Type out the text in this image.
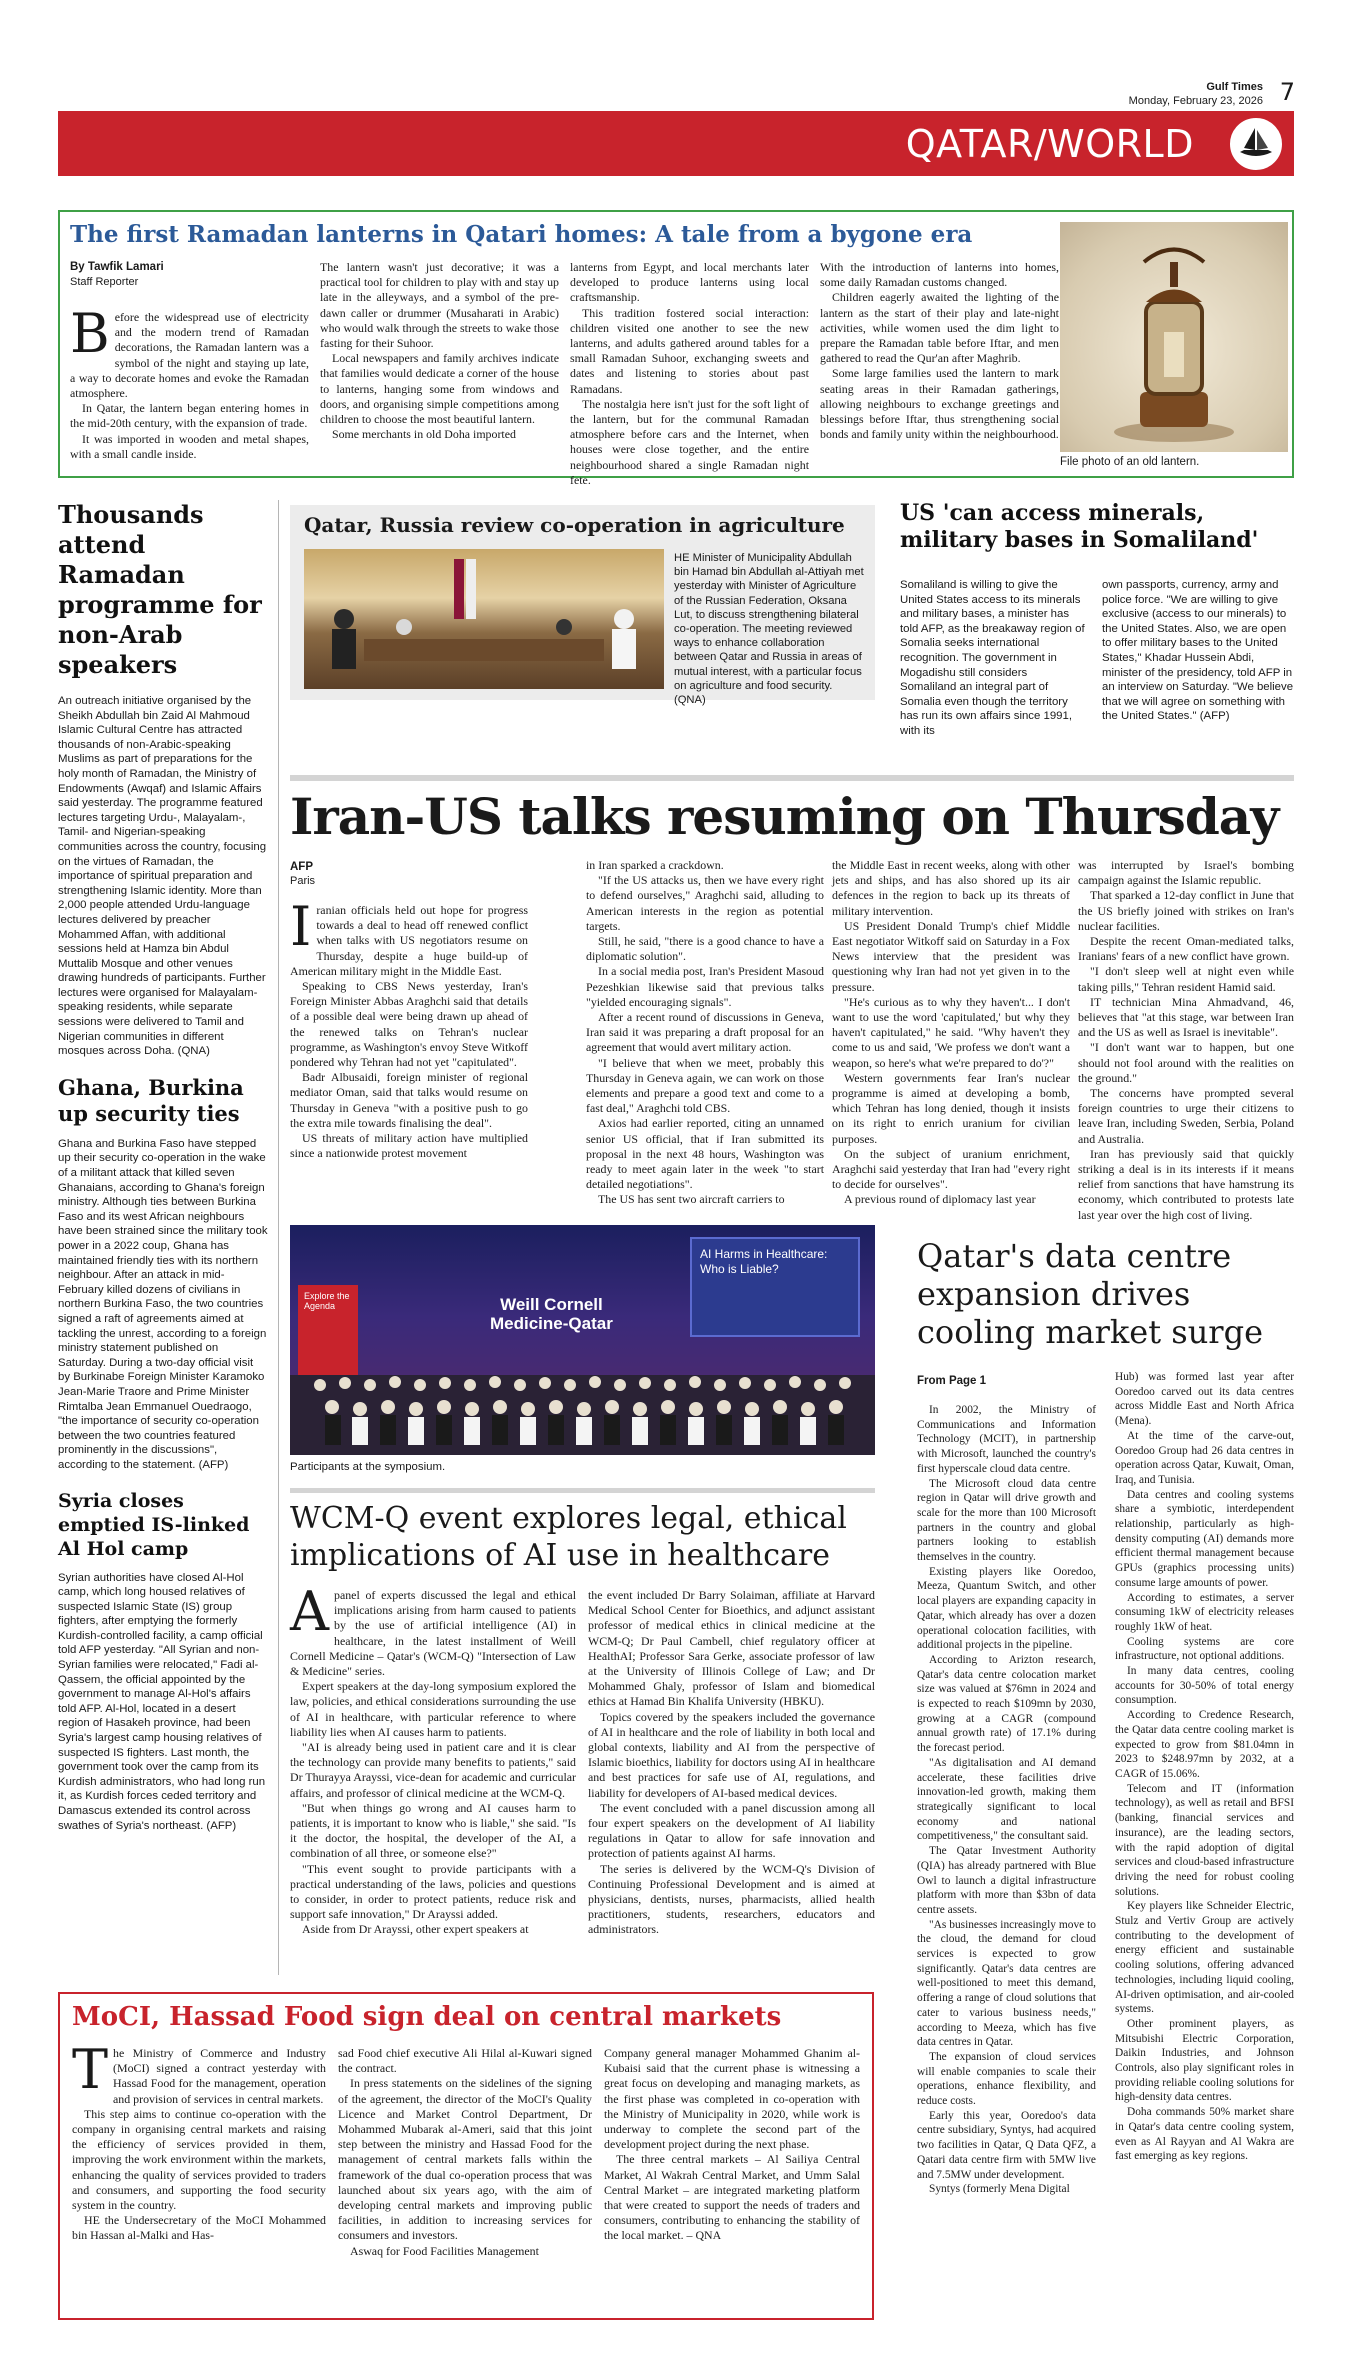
Gulf Times
Monday, February 23, 2026 7
QATAR/WORLD
The first Ramadan lanterns in Qatari homes: A tale from a bygone era
By Tawfik Lamari
Staff Reporter

Before the widespread use of electricity and the modern trend of Ramadan decorations, the Ramadan lantern was a symbol of the night and staying up late, a way to decorate homes and evoke the Ramadan atmosphere.

In Qatar, the lantern began entering homes in the mid-20th century, with the expansion of trade.

It was imported in wooden and metal shapes, with a small candle inside.

The lantern wasn't just decorative; it was a practical tool for children to play with and stay up late in the alleyways, and a symbol of the pre-dawn caller or drummer (Musaharati in Arabic) who would walk through the streets to wake those fasting for their Suhoor.

Local newspapers and family archives indicate that families would dedicate a corner of the house to lanterns, hanging some from windows and doors, and organising simple competitions among children to choose the most beautiful lantern.

Some merchants in old Doha imported

lanterns from Egypt, and local merchants later developed to produce lanterns using local craftsmanship.

This tradition fostered social interaction: children visited one another to see the new lanterns, and adults gathered around tables for a small Ramadan Suhoor, exchanging sweets and dates and listening to stories about past Ramadans.

The nostalgia here isn't just for the soft light of the lantern, but for the communal Ramadan atmosphere before cars and the Internet, when houses were close together, and the entire neighbourhood shared a single Ramadan night fete.

With the introduction of lanterns into homes, some daily Ramadan customs changed.

Children eagerly awaited the lighting of the lantern as the start of their play and late-night activities, while women used the dim light to prepare the Ramadan table before Iftar, and men gathered to read the Qur'an after Maghrib.

Some large families used the lantern to mark seating areas in their Ramadan gatherings, allowing neighbours to exchange greetings and blessings before Iftar, thus strengthening social bonds and family unity within the neighbourhood.

File photo of an old lantern.
Thousands attend Ramadan programme for non-Arab speakers
An outreach initiative organised by the Sheikh Abdullah bin Zaid Al Mahmoud Islamic Cultural Centre has attracted thousands of non-Arabic-speaking Muslims as part of preparations for the holy month of Ramadan, the Ministry of Endowments (Awqaf) and Islamic Affairs said yesterday. The programme featured lectures targeting Urdu-, Malayalam-, Tamil- and Nigerian-speaking communities across the country, focusing on the virtues of Ramadan, the importance of spiritual preparation and strengthening Islamic identity. More than 2,000 people attended Urdu-language lectures delivered by preacher Mohammed Affan, with additional sessions held at Hamza bin Abdul Muttalib Mosque and other venues drawing hundreds of participants. Further lectures were organised for Malayalam-speaking residents, while separate sessions were delivered to Tamil and Nigerian communities in different mosques across Doha. (QNA)
Ghana, Burkina up security ties
Ghana and Burkina Faso have stepped up their security co-operation in the wake of a militant attack that killed seven Ghanaians, according to Ghana's foreign ministry. Although ties between Burkina Faso and its west African neighbours have been strained since the military took power in a 2022 coup, Ghana has maintained friendly ties with its northern neighbour. After an attack in mid-February killed dozens of civilians in northern Burkina Faso, the two countries signed a raft of agreements aimed at tackling the unrest, according to a foreign ministry statement published on Saturday. During a two-day official visit by Burkinabe Foreign Minister Karamoko Jean-Marie Traore and Prime Minister Rimtalba Jean Emmanuel Ouedraogo, "the importance of security co-operation between the two countries featured prominently in the discussions", according to the statement. (AFP)
Syria closes emptied IS-linked Al Hol camp
Syrian authorities have closed Al-Hol camp, which long housed relatives of suspected Islamic State (IS) group fighters, after emptying the formerly Kurdish-controlled facility, a camp official told AFP yesterday. "All Syrian and non-Syrian families were relocated," Fadi al-Qassem, the official appointed by the government to manage Al-Hol's affairs told AFP. Al-Hol, located in a desert region of Hasakeh province, had been Syria's largest camp housing relatives of suspected IS fighters. Last month, the government took over the camp from its Kurdish administrators, who had long run it, as Kurdish forces ceded territory and Damascus extended its control across swathes of Syria's northeast. (AFP)
Qatar, Russia review co-operation in agriculture
HE Minister of Municipality Abdullah bin Hamad bin Abdullah al-Attiyah met yesterday with Minister of Agriculture of the Russian Federation, Oksana Lut, to discuss strengthening bilateral co-operation. The meeting reviewed ways to enhance collaboration between Qatar and Russia in areas of mutual interest, with a particular focus on agriculture and food security. (QNA)
US 'can access minerals, military bases in Somaliland'
Somaliland is willing to give the United States access to its minerals and military bases, a minister has told AFP, as the breakaway region of Somalia seeks international recognition. The government in Mogadishu still considers Somaliland an integral part of Somalia even though the territory has run its own affairs since 1991, with its
own passports, currency, army and police force. "We are willing to give exclusive (access to our minerals) to the United States. Also, we are open to offer military bases to the United States," Khadar Hussein Abdi, minister of the presidency, told AFP in an interview on Saturday. "We believe that we will agree on something with the United States." (AFP)
Iran-US talks resuming on Thursday
AFP
Paris

Iranian officials held out hope for progress towards a deal to head off renewed conflict when talks with US negotiators resume on Thursday, despite a huge build-up of American military might in the Middle East.

Speaking to CBS News yesterday, Iran's Foreign Minister Abbas Araghchi said that details of a possible deal were being drawn up ahead of the renewed talks on Tehran's nuclear programme, as Washington's envoy Steve Witkoff pondered why Tehran had not yet "capitulated".

Badr Albusaidi, foreign minister of regional mediator Oman, said that talks would resume on Thursday in Geneva "with a positive push to go the extra mile towards finalising the deal".

US threats of military action have multiplied since a nationwide protest movement

in Iran sparked a crackdown.

"If the US attacks us, then we have every right to defend ourselves," Araghchi said, alluding to American interests in the region as potential targets.

Still, he said, "there is a good chance to have a diplomatic solution".

In a social media post, Iran's President Masoud Pezeshkian likewise said that previous talks "yielded encouraging signals".

After a recent round of discussions in Geneva, Iran said it was preparing a draft proposal for an agreement that would avert military action.

"I believe that when we meet, probably this Thursday in Geneva again, we can work on those elements and prepare a good text and come to a fast deal," Araghchi told CBS.

Axios had earlier reported, citing an unnamed senior US official, that if Iran submitted its proposal in the next 48 hours, Washington was ready to meet again later in the week "to start detailed negotiations".

The US has sent two aircraft carriers to

the Middle East in recent weeks, along with other jets and ships, and has also shored up its air defences in the region to back up its threats of military intervention.

US President Donald Trump's chief Middle East negotiator Witkoff said on Saturday in a Fox News interview that the president was questioning why Iran had not yet given in to the pressure.

"He's curious as to why they haven't... I don't want to use the word 'capitulated,' but why they haven't capitulated," he said. "Why haven't they come to us and said, 'We profess we don't want a weapon, so here's what we're prepared to do'?"

Western governments fear Iran's nuclear programme is aimed at developing a bomb, which Tehran has long denied, though it insists on its right to enrich uranium for civilian purposes.

On the subject of uranium enrichment, Araghchi said yesterday that Iran had "every right to decide for ourselves".

A previous round of diplomacy last year

was interrupted by Israel's bombing campaign against the Islamic republic.

That sparked a 12-day conflict in June that the US briefly joined with strikes on Iran's nuclear facilities.

Despite the recent Oman-mediated talks, Iranians' fears of a new conflict have grown.

"I don't sleep well at night even while taking pills," Tehran resident Hamid said.

IT technician Mina Ahmadvand, 46, believes that "at this stage, war between Iran and the US as well as Israel is inevitable".

"I don't want war to happen, but one should not fool around with the realities on the ground."

The concerns have prompted several foreign countries to urge their citizens to leave Iran, including Sweden, Serbia, Poland and Australia.

Iran has previously said that quickly striking a deal is in its interests if it means relief from sanctions that have hamstrung its economy, which contributed to protests late last year over the high cost of living.

AI Harms in Healthcare: Who is Liable?
Explore the Agenda	Weill Cornell
Medicine-Qatar
Participants at the symposium.
WCM-Q event explores legal, ethical implications of AI use in healthcare

Apanel of experts discussed the legal and ethical implications arising from harm caused to patients by the use of artificial intelligence (AI) in healthcare, in the latest installment of Weill Cornell Medicine – Qatar's (WCM-Q) "Intersection of Law & Medicine" series.

Expert speakers at the day-long symposium explored the law, policies, and ethical considerations surrounding the use of AI in healthcare, with particular reference to where liability lies when AI causes harm to patients.

"AI is already being used in patient care and it is clear the technology can provide many benefits to patients," said Dr Thurayya Arayssi, vice-dean for academic and curricular affairs, and professor of clinical medicine at the WCM-Q.

"But when things go wrong and AI causes harm to patients, it is important to know who is liable," she said. "Is it the doctor, the hospital, the developer of the AI, a combination of all three, or someone else?"

"This event sought to provide participants with a practical understanding of the laws, policies and questions to consider, in order to protect patients, reduce risk and support safe innovation," Dr Arayssi added.

Aside from Dr Arayssi, other expert speakers at

the event included Dr Barry Solaiman, affiliate at Harvard Medical School Center for Bioethics, and adjunct assistant professor of medical ethics in clinical medicine at the WCM-Q; Dr Paul Cambell, chief regulatory officer at HealthAI; Professor Sara Gerke, associate professor of law at the University of Illinois College of Law; and Dr Mohammed Ghaly, professor of Islam and biomedical ethics at Hamad Bin Khalifa University (HBKU).

Topics covered by the speakers included the governance of AI in healthcare and the role of liability in both local and global contexts, liability and AI from the perspective of Islamic bioethics, liability for doctors using AI in healthcare and best practices for safe use of AI, regulations, and liability for developers of AI-based medical devices.

The event concluded with a panel discussion among all four expert speakers on the development of AI liability regulations in Qatar to allow for safe innovation and protection of patients against AI harms.

The series is delivered by the WCM-Q's Division of Continuing Professional Development and is aimed at physicians, dentists, nurses, pharmacists, allied health practitioners, students, researchers, educators and administrators.

Qatar's data centre expansion drives cooling market surge
From Page 1

In 2002, the Ministry of Communications and Information Technology (MCIT), in partnership with Microsoft, launched the country's first hyperscale cloud data centre.

The Microsoft cloud data centre region in Qatar will drive growth and scale for the more than 100 Microsoft partners in the country and global partners looking to establish themselves in the country.

Existing players like Ooredoo, Meeza, Quantum Switch, and other local players are expanding capacity in Qatar, which already has over a dozen operational colocation facilities, with additional projects in the pipeline.

According to Arizton research, Qatar's data centre colocation market size was valued at $76mn in 2024 and is expected to reach $109mn by 2030, growing at a CAGR (compound annual growth rate) of 17.1% during the forecast period.

"As digitalisation and AI demand accelerate, these facilities drive innovation-led growth, making them strategically significant to local economy and national competitiveness," the consultant said.

The Qatar Investment Authority (QIA) has already partnered with Blue Owl to launch a digital infrastructure platform with more than $3bn of data centre assets.

"As businesses increasingly move to the cloud, the demand for cloud services is expected to grow significantly. Qatar's data centres are well-positioned to meet this demand, offering a range of cloud solutions that cater to various business needs," according to Meeza, which has five data centres in Qatar.

The expansion of cloud services will enable companies to scale their operations, enhance flexibility, and reduce costs.

Early this year, Ooredoo's data centre subsidiary, Syntys, had acquired two facilities in Qatar, Q Data QFZ, a Qatari data centre firm with 5MW live and 7.5MW under development.

Syntys (formerly Mena Digital

Hub) was formed last year after Ooredoo carved out its data centres across Middle East and North Africa (Mena).

At the time of the carve-out, Ooredoo Group had 26 data centres in operation across Qatar, Kuwait, Oman, Iraq, and Tunisia.

Data centres and cooling systems share a symbiotic, interdependent relationship, particularly as high-density computing (AI) demands more efficient thermal management because GPUs (graphics processing units) consume large amounts of power.

According to estimates, a server consuming 1kW of electricity releases roughly 1kW of heat.

Cooling systems are core infrastructure, not optional additions.

In many data centres, cooling accounts for 30-50% of total energy consumption.

According to Credence Research, the Qatar data centre cooling market is expected to grow from $81.04mn in 2023 to $248.97mn by 2032, at a CAGR of 15.06%.

Telecom and IT (information technology), as well as retail and BFSI (banking, financial services and insurance), are the leading sectors, with the rapid adoption of digital services and cloud-based infrastructure driving the need for robust cooling solutions.

Key players like Schneider Electric, Stulz and Vertiv Group are actively contributing to the development of energy efficient and sustainable cooling solutions, offering advanced technologies, including liquid cooling, AI-driven optimisation, and air-cooled systems.

Other prominent players, as Mitsubishi Electric Corporation, Daikin Industries, and Johnson Controls, also play significant roles in providing reliable cooling solutions for high-density data centres.

Doha commands 50% market share in Qatar's data centre cooling system, even as Al Rayyan and Al Wakra are fast emerging as key regions.

MoCI, Hassad Food sign deal on central markets

The Ministry of Commerce and Industry (MoCI) signed a contract yesterday with Hassad Food for the management, operation and provision of services in central markets.

This step aims to continue co-operation with the company in organising central markets and raising the efficiency of services provided in them, improving the work environment within the markets, enhancing the quality of services provided to traders and consumers, and supporting the food security system in the country.

HE the Undersecretary of the MoCI Mohammed bin Hassan al-Malki and Has-

sad Food chief executive Ali Hilal al-Kuwari signed the contract.

In press statements on the sidelines of the signing of the agreement, the director of the MoCI's Quality Licence and Market Control Department, Dr Mohammed Mubarak al-Ameri, said that this joint step between the ministry and Hassad Food for the management of central markets falls within the framework of the dual co-operation process that was launched about six years ago, with the aim of developing central markets and improving public facilities, in addition to increasing services for consumers and investors.

Aswaq for Food Facilities Management

Company general manager Mohammed Ghanim al-Kubaisi said that the current phase is witnessing a great focus on developing and managing markets, as the first phase was completed in co-operation with the Ministry of Municipality in 2020, while work is underway to complete the second part of the development project during the next phase.

The three central markets – Al Sailiya Central Market, Al Wakrah Central Market, and Umm Salal Central Market – are integrated marketing platform that were created to support the needs of traders and consumers, contributing to enhancing the stability of the local market. – QNA
